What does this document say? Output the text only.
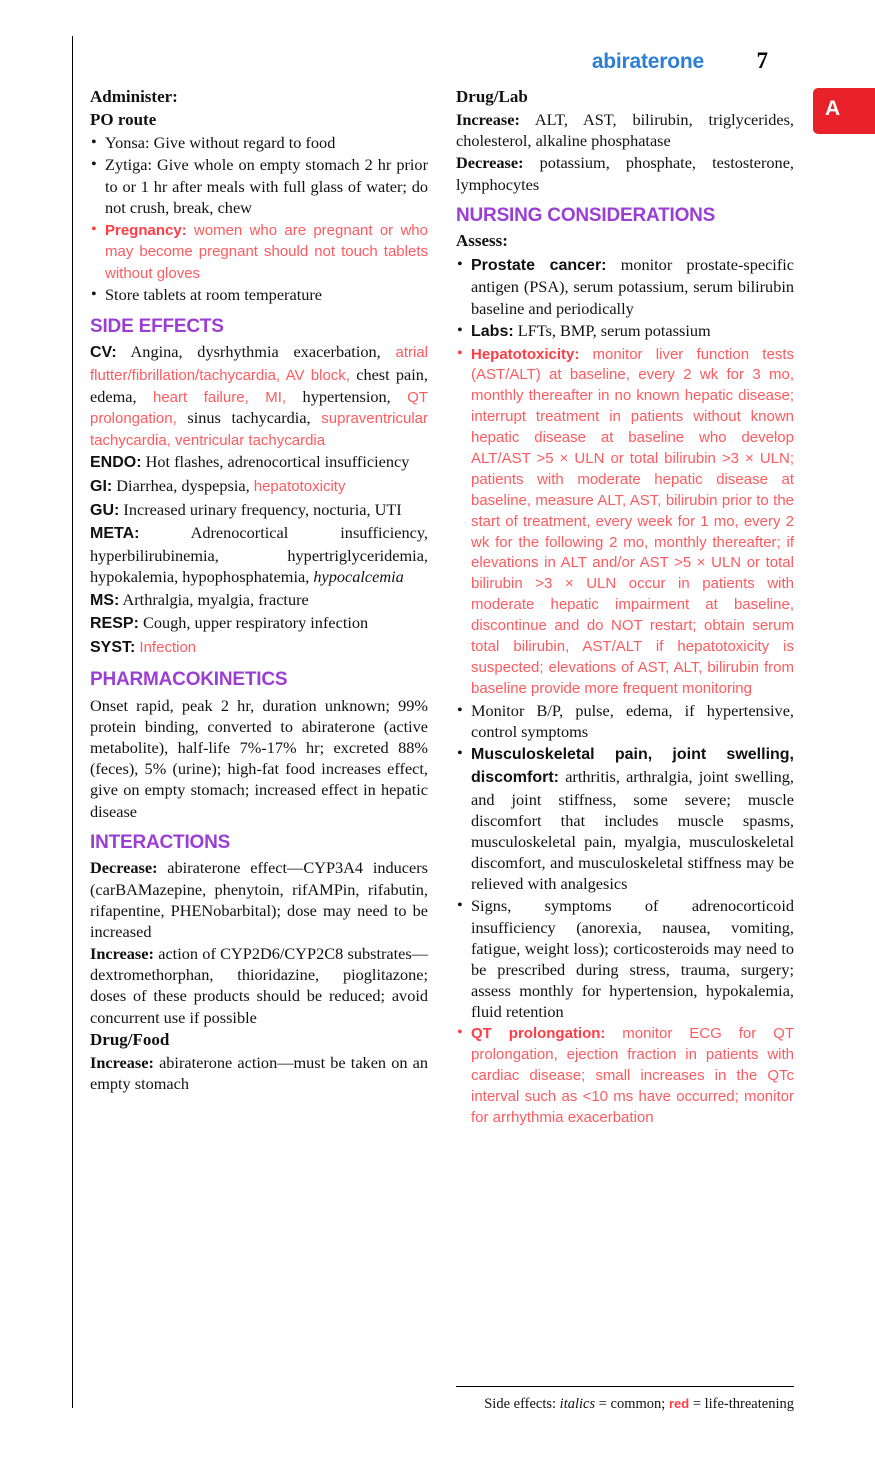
abiraterone 7
A

Administer:

PO route

• Yonsa: Give without regard to food

• Zytiga: Give whole on empty stomach 2 hr prior to or 1 hr after meals with full glass of water; do not crush, break, chew

• Pregnancy: women who are pregnant or who may become pregnant should not touch tablets without gloves

• Store tablets at room temperature

SIDE EFFECTS

CV: Angina, dysrhythmia exacerbation, atrial flutter/fibrillation/tachycardia, AV block, chest pain, edema, heart failure, MI, hypertension, QT prolongation, sinus tachycardia, supraventricular tachycardia, ventricular tachycardia

ENDO: Hot flashes, adrenocortical insufficiency

GI: Diarrhea, dyspepsia, hepatotoxicity

GU: Increased urinary frequency, nocturia, UTI

META:	Adrenocortical insufficiency, hyperbilirubinemia, hypertriglyceridemia, hypokalemia, hypophosphatemia, hypocalcemia

MS: Arthralgia, myalgia, fracture

RESP: Cough, upper respiratory infection

SYST: Infection

PHARMACOKINETICS

Onset rapid, peak 2 hr, duration unknown; 99% protein binding, converted to abiraterone (active metabolite), half-life 7%-17% hr; excreted 88% (feces), 5% (urine); high-fat food increases effect, give on empty stomach; increased effect in hepatic disease

INTERACTIONS

Decrease: abiraterone effect—CYP3A4 inducers (carBAMazepine, phenytoin, rifAMPin, rifabutin, rifapentine, PHENobarbital); dose may need to be increased

Increase: action of CYP2D6/CYP2C8 substrates—dextromethorphan, thioridazine, pioglitazone; doses of these products should be reduced; avoid concurrent use if possible

Drug/Food

Increase: abiraterone action—must be taken on an empty stomach

Drug/Lab

Increase: ALT, AST, bilirubin, triglycerides, cholesterol, alkaline phosphatase

Decrease: potassium, phosphate, testosterone, lymphocytes

NURSING CONSIDERATIONS

Assess:

• Prostate cancer: monitor prostate-specific antigen (PSA), serum potassium, serum bilirubin baseline and periodically

• Labs: LFTs, BMP, serum potassium

• Hepatotoxicity: monitor liver function tests (AST/ALT) at baseline, every 2 wk for 3 mo, monthly thereafter in no known hepatic disease; interrupt treatment in patients without known hepatic disease at baseline who develop ALT/AST >5 × ULN or total bilirubin >3 × ULN; patients with moderate hepatic disease at baseline, measure ALT, AST, bilirubin prior to the start of treatment, every week for 1 mo, every 2 wk for the following 2 mo, monthly thereafter; if elevations in ALT and/or AST >5 × ULN or total bilirubin >3 × ULN occur in patients with moderate hepatic impairment at baseline, discontinue and do NOT restart; obtain serum total bilirubin, AST/ALT if hepatotoxicity is suspected; elevations of AST, ALT, bilirubin from baseline provide more frequent monitoring

• Monitor B/P, pulse, edema, if hypertensive, control symptoms

• Musculoskeletal pain, joint swelling, discomfort: arthritis, arthralgia, joint swelling, and joint stiffness, some severe; muscle discomfort that includes muscle spasms, musculoskeletal pain, myalgia, musculoskeletal discomfort, and musculoskeletal stiffness may be relieved with analgesics

• Signs, symptoms of adrenocorticoid insufficiency (anorexia, nausea, vomiting, fatigue, weight loss); corticosteroids may need to be prescribed during stress, trauma, surgery; assess monthly for hypertension, hypokalemia, fluid retention

• QT prolongation: monitor ECG for QT prolongation, ejection fraction in patients with cardiac disease; small increases in the QTc interval such as <10 ms have occurred; monitor for arrhythmia exacerbation

Side effects: italics = common; red = life-threatening
